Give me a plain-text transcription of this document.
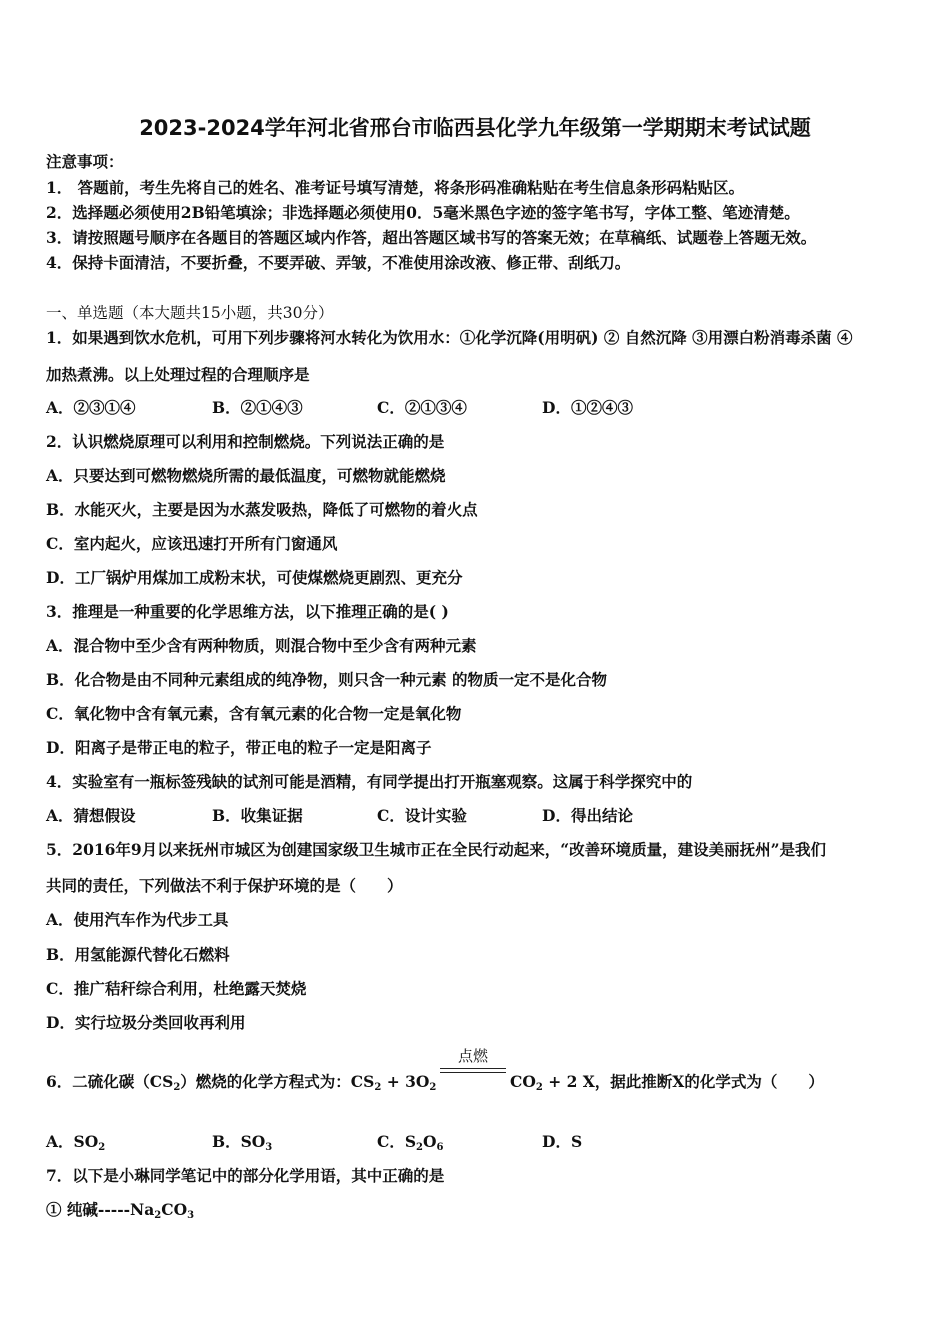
2023-2024学年河北省邢台市临西县化学九年级第一学期期末考试试题
注意事项：
1． 答题前，考生先将自己的姓名、准考证号填写清楚，将条形码准确粘贴在考生信息条形码粘贴区。
2．选择题必须使用2B铅笔填涂；非选择题必须使用0．5毫米黑色字迹的签字笔书写，字体工整、笔迹清楚。
3．请按照题号顺序在各题目的答题区域内作答，超出答题区域书写的答案无效；在草稿纸、试题卷上答题无效。
4．保持卡面清洁，不要折叠，不要弄破、弄皱，不准使用涂改液、修正带、刮纸刀。
一、单选题（本大题共15小题，共30分）
1．如果遇到饮水危机，可用下列步骤将河水转化为饮用水：①化学沉降(用明矾) ② 自然沉降 ③用漂白粉消毒杀菌 ④
加热煮沸。以上处理过程的合理顺序是
A．②③①④	B．②①④③	C．②①③④	D．①②④③
2．认识燃烧原理可以利用和控制燃烧。下列说法正确的是
A．只要达到可燃物燃烧所需的最低温度，可燃物就能燃烧
B．水能灭火，主要是因为水蒸发吸热，降低了可燃物的着火点
C．室内起火，应该迅速打开所有门窗通风
D．工厂锅炉用煤加工成粉末状，可使煤燃烧更剧烈、更充分
3．推理是一种重要的化学思维方法，以下推理正确的是( )
A．混合物中至少含有两种物质，则混合物中至少含有两种元素
B．化合物是由不同种元素组成的纯净物，则只含一种元素 的物质一定不是化合物
C．氧化物中含有氧元素，含有氧元素的化合物一定是氧化物
D．阳离子是带正电的粒子，带正电的粒子一定是阳离子
4．实验室有一瓶标签残缺的试剂可能是酒精，有同学提出打开瓶塞观察。这属于科学探究中的
A．猜想假设	B．收集证据	C．设计实验	D．得出结论
5．2016年9月以来抚州市城区为创建国家级卫生城市正在全民行动起来，“改善环境质量，建设美丽抚州”是我们
共同的责任，下列做法不利于保护环境的是（　　）
A．使用汽车作为代步工具
B．用氢能源代替化石燃料
C．推广秸秆综合利用，杜绝露天焚烧
D．实行垃圾分类回收再利用
点燃
6．二硫化碳$(CS_2)$燃烧的化学方程式为：$CS_2 + 3O_2$	$CO_2 + 2$ X，据此推断X的化学式为（　　）
A．$SO_2$	B．$SO_3$	C．$S_2O_6$	D．S
7．以下是小琳同学笔记中的部分化学用语，其中正确的是
① 纯碱$-----Na_2CO_3$
